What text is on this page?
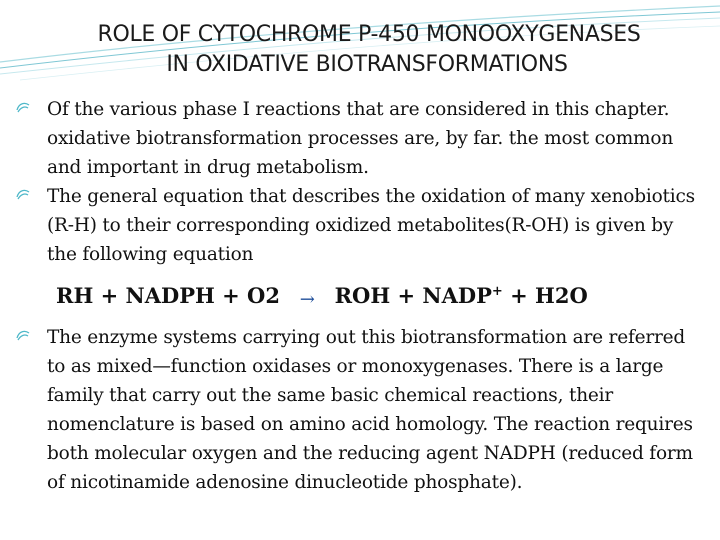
ROLE OF CYTOCHROME P-450 MONOOXYGENASES
IN OXIDATIVE BIOTRANSFORMATIONS
Of the various phase I reactions that are considered in this chapter. oxidative biotransformation processes are, by far. the most common and important in drug metabolism.
The general equation that describes the oxidation of many xenobiotics (R-H) to their corresponding oxidized metabolites(R-OH) is given by the following equation
RH + NADPH + O2 → ROH + NADP+ + H2O
The enzyme systems carrying out this biotransformation are referred to as mixed—function oxidases or monoxygenases. There is a large family that carry out the same basic chemical reactions, their nomenclature is based on amino acid homology. The reaction requires both molecular oxygen and the reducing agent NADPH (reduced form of nicotinamide adenosine dinucleotide phosphate).
